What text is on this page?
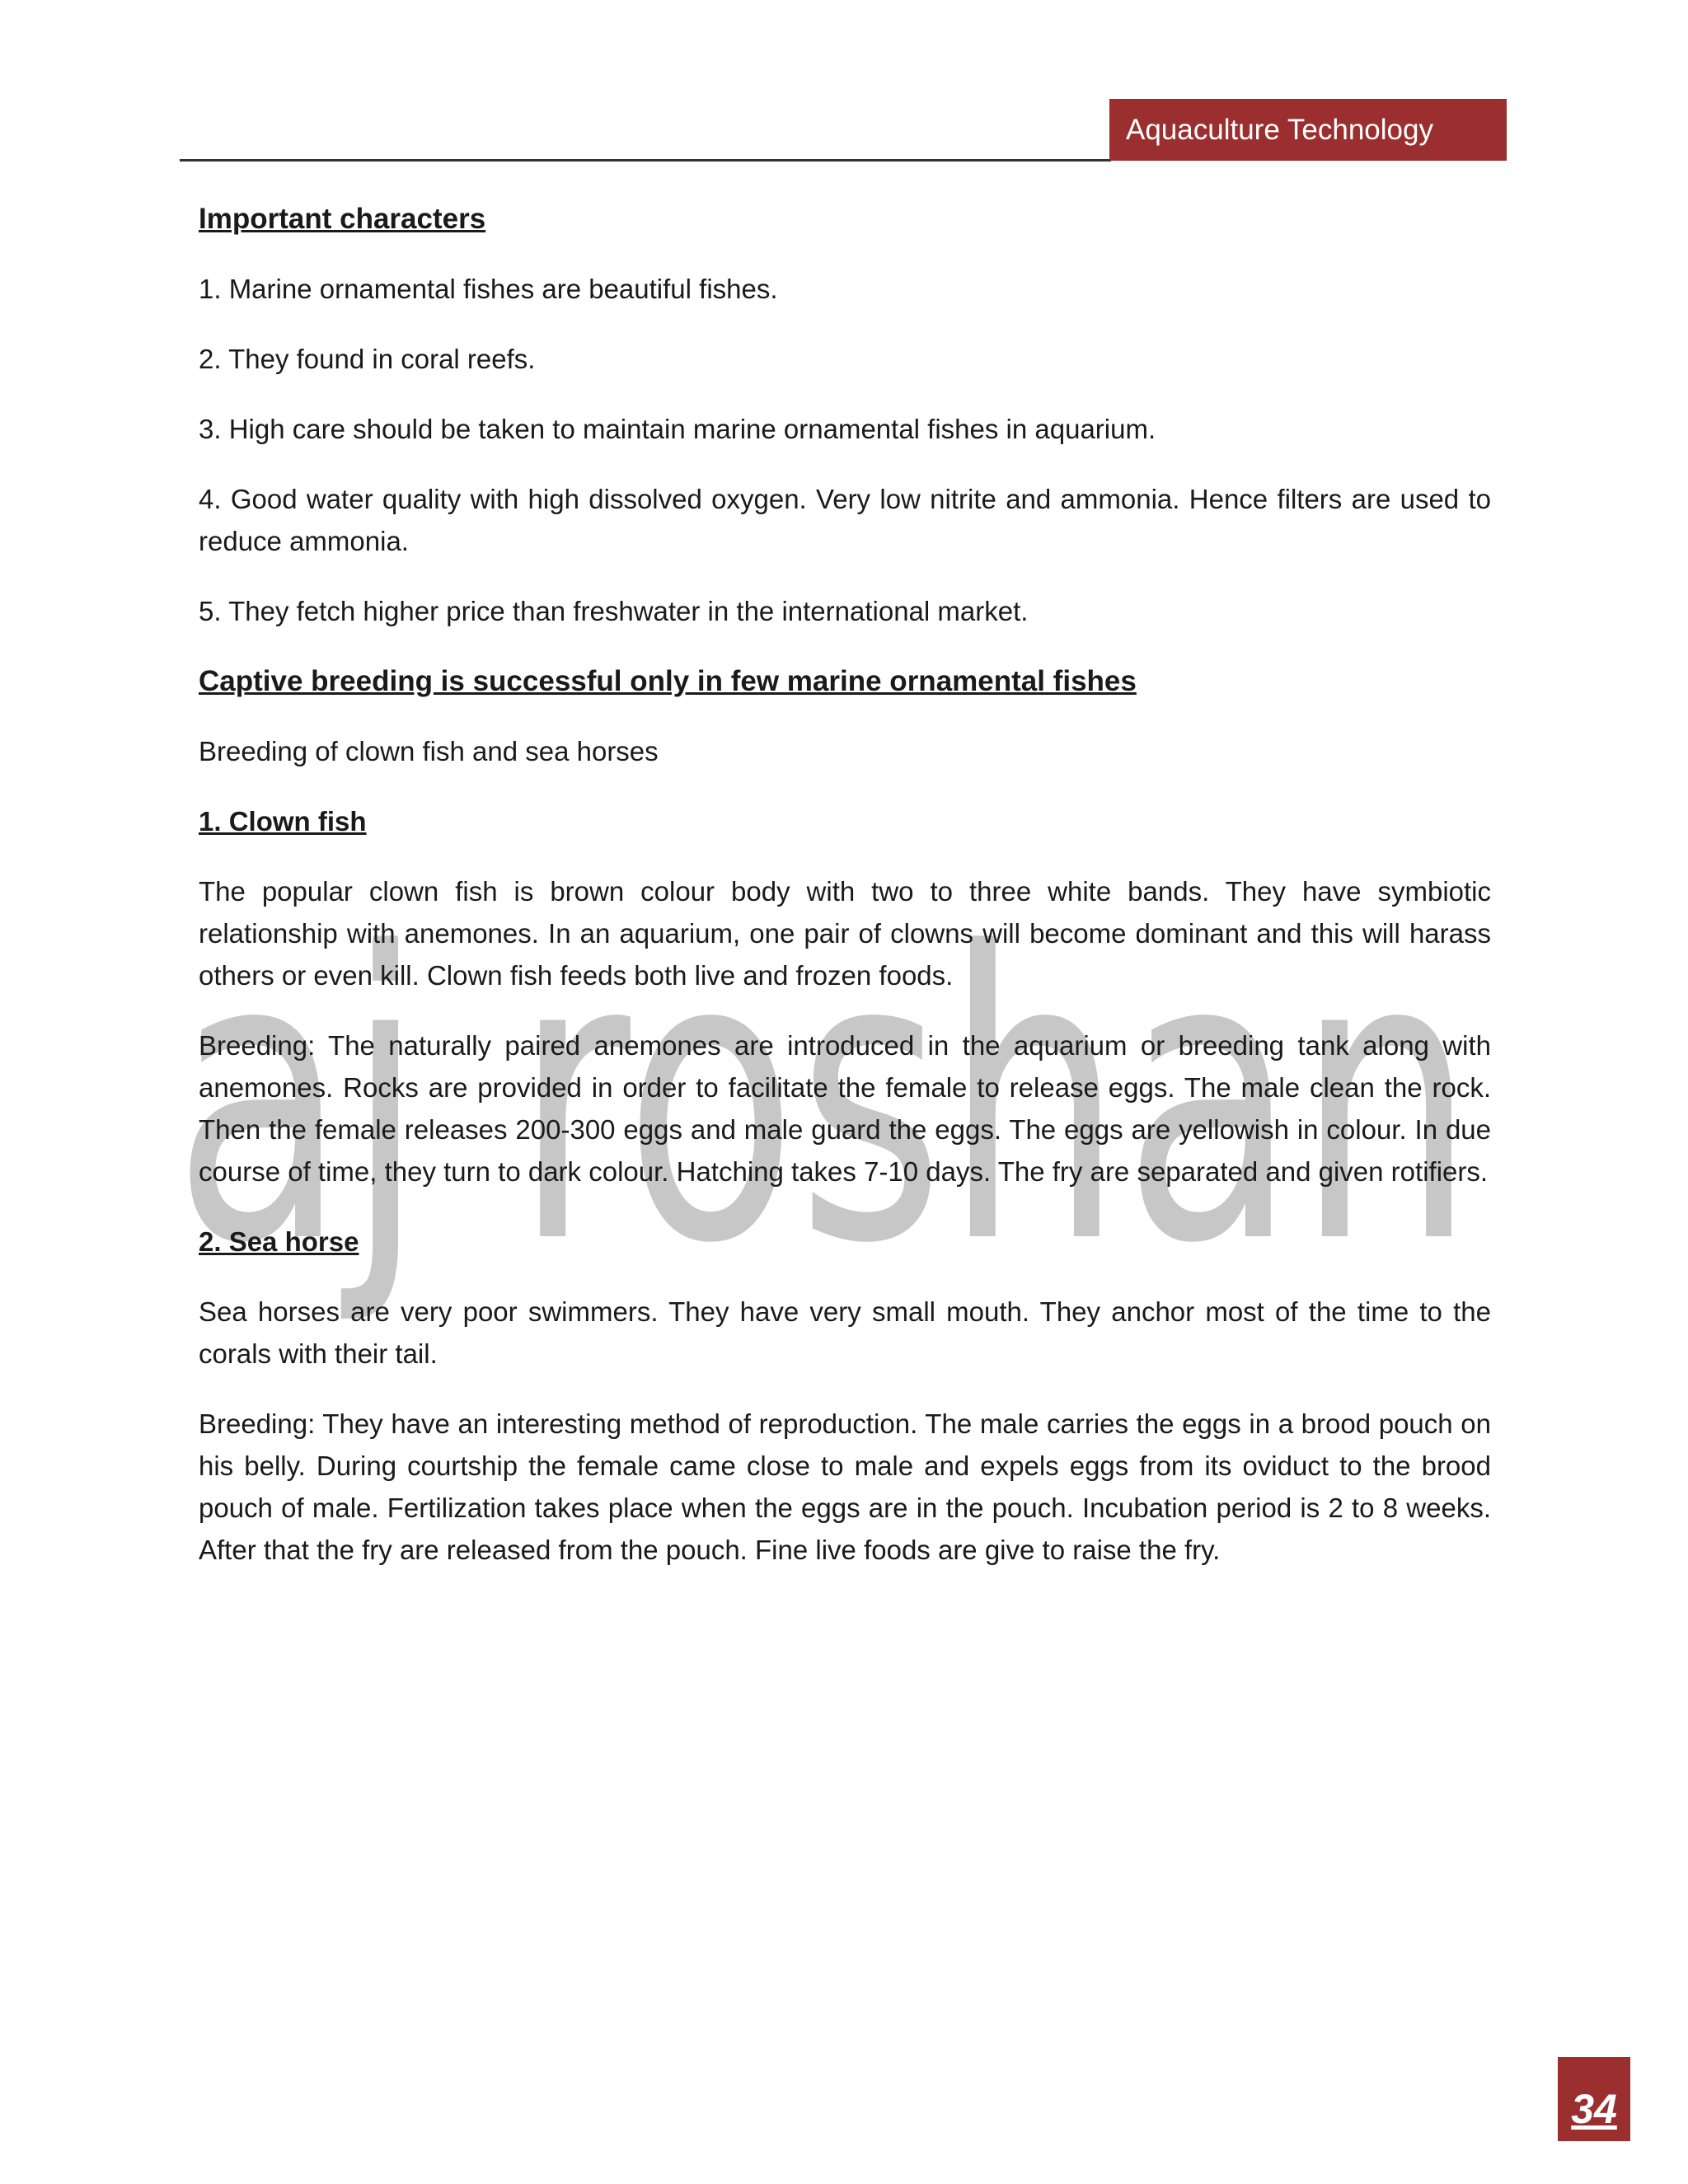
Aquaculture Technology
aj roshan
Important characters

1. Marine ornamental fishes are beautiful fishes.

2. They found in coral reefs.

3. High care should be taken to maintain marine ornamental fishes in aquarium.

4. Good water quality with high dissolved oxygen. Very low nitrite and ammonia. Hence filters are used to reduce ammonia.

5. They fetch higher price than freshwater in the international market.

Captive breeding is successful only in few marine ornamental fishes

Breeding of clown fish and sea horses

1. Clown fish

The popular clown fish is brown colour body with two to three white bands. They have symbiotic relationship with anemones. In an aquarium, one pair of clowns will become dominant and this will harass others or even kill. Clown fish feeds both live and frozen foods.

Breeding: The naturally paired anemones are introduced in the aquarium or breeding tank along with anemones. Rocks are provided in order to facilitate the female to release eggs. The male clean the rock. Then the female releases 200-300 eggs and male guard the eggs. The eggs are yellowish in colour. In due course of time, they turn to dark colour. Hatching takes 7-10 days. The fry are separated and given rotifiers.

2. Sea horse

Sea horses are very poor swimmers. They have very small mouth. They anchor most of the time to the corals with their tail.

Breeding: They have an interesting method of reproduction. The male carries the eggs in a brood pouch on his belly. During courtship the female came close to male and expels eggs from its oviduct to the brood pouch of male. Fertilization takes place when the eggs are in the pouch. Incubation period is 2 to 8 weeks. After that the fry are released from the pouch. Fine live foods are give to raise the fry.

34
